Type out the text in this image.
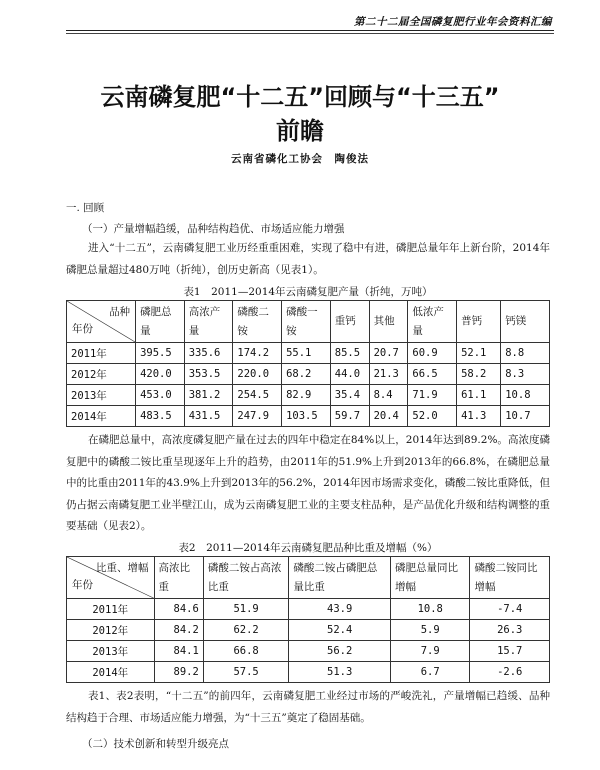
第二十二届全国磷复肥行业年会资料汇编
云南磷复肥“十二五”回顾与“十三五”
前瞻
云南省磷化工协会　陶俊法
一. 回顾
（一）产量增幅趋缓，品种结构趋优、市场适应能力增强
进入“十二五”，云南磷复肥工业历经重重困难，实现了稳中有进，磷肥总量年年上新台阶，2014年磷肥总量超过480万吨（折纯），创历史新高（见表1）。
表1　2011—2014年云南磷复肥产量（折纯，万吨）
品种
年份	磷肥总量	高浓产量	磷酸二铵	磷酸一铵	重钙	其他	低浓产量	普钙	钙镁
2011年	395.5	335.6	174.2	55.1	85.5	20.7	60.9	52.1	8.8
2012年	420.0	353.5	220.0	68.2	44.0	21.3	66.5	58.2	8.3
2013年	453.0	381.2	254.5	82.9	35.4	8.4	71.9	61.1	10.8
2014年	483.5	431.5	247.9	103.5	59.7	20.4	52.0	41.3	10.7
在磷肥总量中，高浓度磷复肥产量在过去的四年中稳定在84%以上，2014年达到89.2%。高浓度磷复肥中的磷酸二铵比重呈现逐年上升的趋势，由2011年的51.9%上升到2013年的66.8%，在磷肥总量中的比重由2011年的43.9%上升到2013年的56.2%，2014年因市场需求变化，磷酸二铵比重降低，但仍占据云南磷复肥工业半壁江山，成为云南磷复肥工业的主要支柱品种，是产品优化升级和结构调整的重要基础（见表2）。
表2　2011—2014年云南磷复肥品种比重及增幅（%）
比重、增幅
年份	高浓比重	磷酸二铵占高浓比重	磷酸二铵占磷肥总量比重	磷肥总量同比增幅	磷酸二铵同比增幅
2011年	84.6	51.9	43.9	10.8	-7.4
2012年	84.2	62.2	52.4	5.9	26.3
2013年	84.1	66.8	56.2	7.9	15.7
2014年	89.2	57.5	51.3	6.7	-2.6
表1、表2表明，“十二五”的前四年，云南磷复肥工业经过市场的严峻洗礼，产量增幅已趋缓、品种结构趋于合理、市场适应能力增强，为“十三五”奠定了稳固基础。
（二）技术创新和转型升级亮点
